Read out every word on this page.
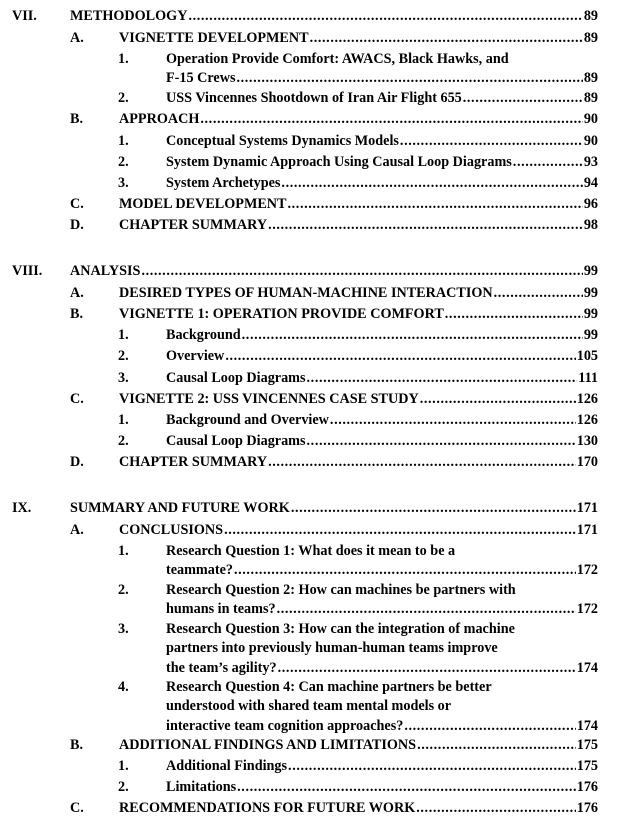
VII. METHODOLOGY .....	89
A. VIGNETTE DEVELOPMENT .....	89
1.	Operation Provide Comfort: AWACS, Black Hawks, and
F-15 Crews .....	89
2.	USS Vincennes Shootdown of Iran Air Flight 655 .....	89
B.	APPROACH .....	90
1.	Conceptual Systems Dynamics Models .....	90
2.	System Dynamic Approach Using Causal Loop Diagrams .....	93
3.	System Archetypes .....	94
C. MODEL DEVELOPMENT .....	96
D. CHAPTER SUMMARY .....	98
VIII. ANALYSIS .....	99
A. DESIRED TYPES OF HUMAN-MACHINE INTERACTION .....	99
B.	VIGNETTE 1: OPERATION PROVIDE COMFORT .....	99
1.	Background .....	99
2.	Overview .....	105
3.	Causal Loop Diagrams .....	111
C. VIGNETTE 2: USS VINCENNES CASE STUDY .....	126
1.	Background and Overview .....	126
2.	Causal Loop Diagrams .....	130
D. CHAPTER SUMMARY .....	170
IX.	SUMMARY AND FUTURE WORK .....	171
A. CONCLUSIONS .....	171
1.	Research Question 1: What does it mean to be a
teammate? .....	172
2.	Research Question 2: How can machines be partners with
humans in teams? .....	172
3.	Research Question 3: How can the integration of machine
partners into previously human-human teams improve
the team’s agility? .....	174
4.	Research Question 4: Can machine partners be better
understood with shared team mental models or
interactive team cognition approaches? .....	174
B.	ADDITIONAL FINDINGS AND LIMITATIONS .....	175
1.	Additional Findings .....	175
2.	Limitations .....	176
C. RECOMMENDATIONS FOR FUTURE WORK .....	176
